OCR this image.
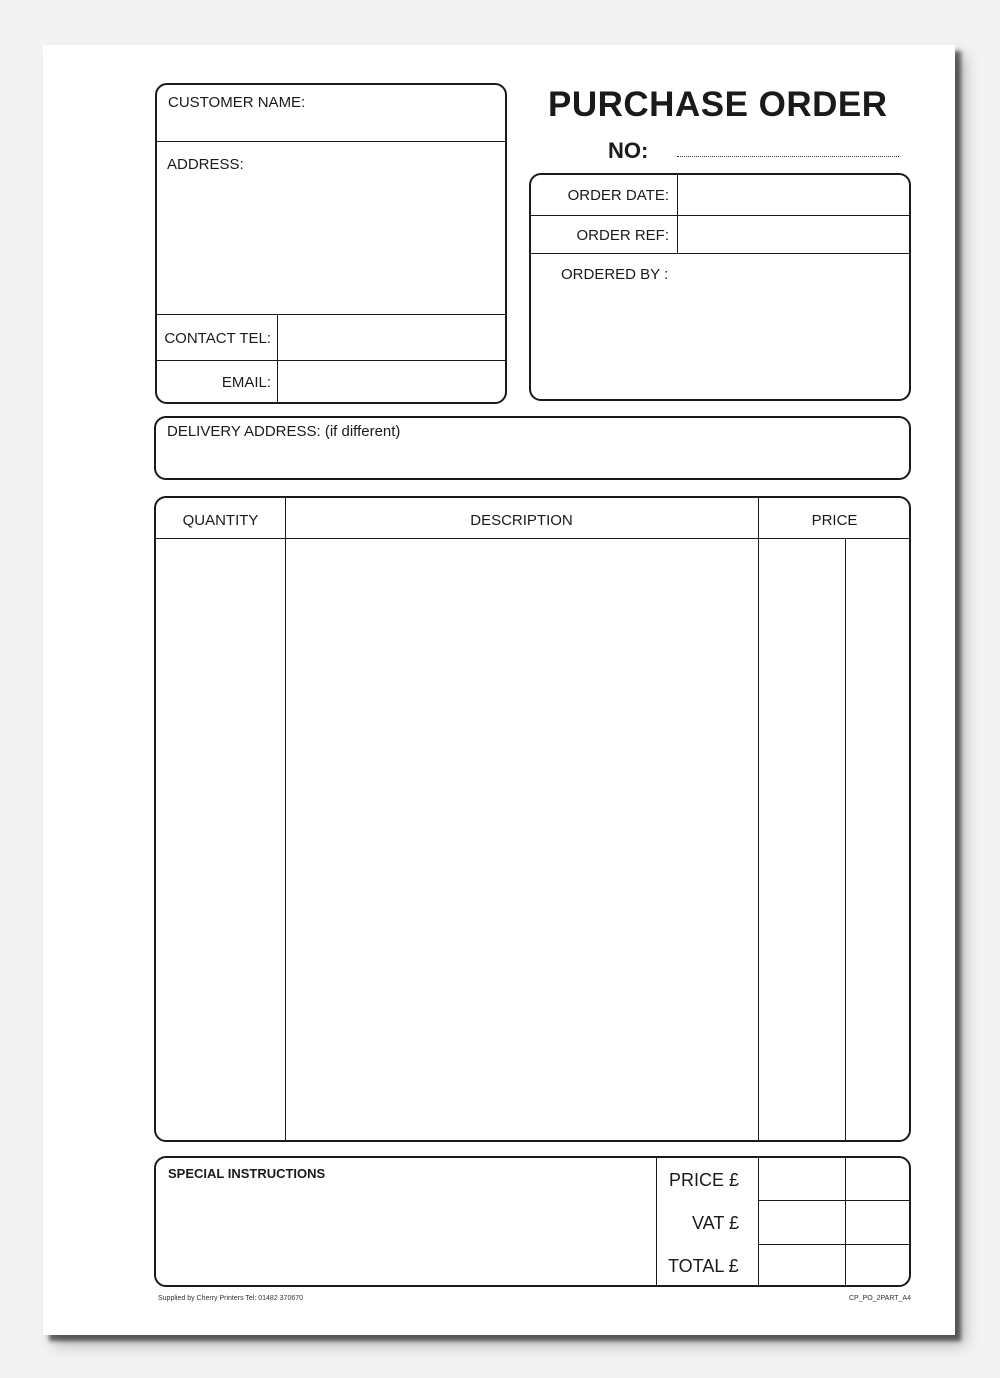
CUSTOMER NAME:
ADDRESS:
CONTACT TEL:
EMAIL:
PURCHASE ORDER
NO:
ORDER DATE:
ORDER REF:
ORDERED BY :
DELIVERY ADDRESS: (if different)
QUANTITY	DESCRIPTION	PRICE
SPECIAL INSTRUCTIONS	PRICE £
VAT £
TOTAL £
Supplied by Cherry Printers Tel: 01482 370670	CP_PO_2PART_A4
